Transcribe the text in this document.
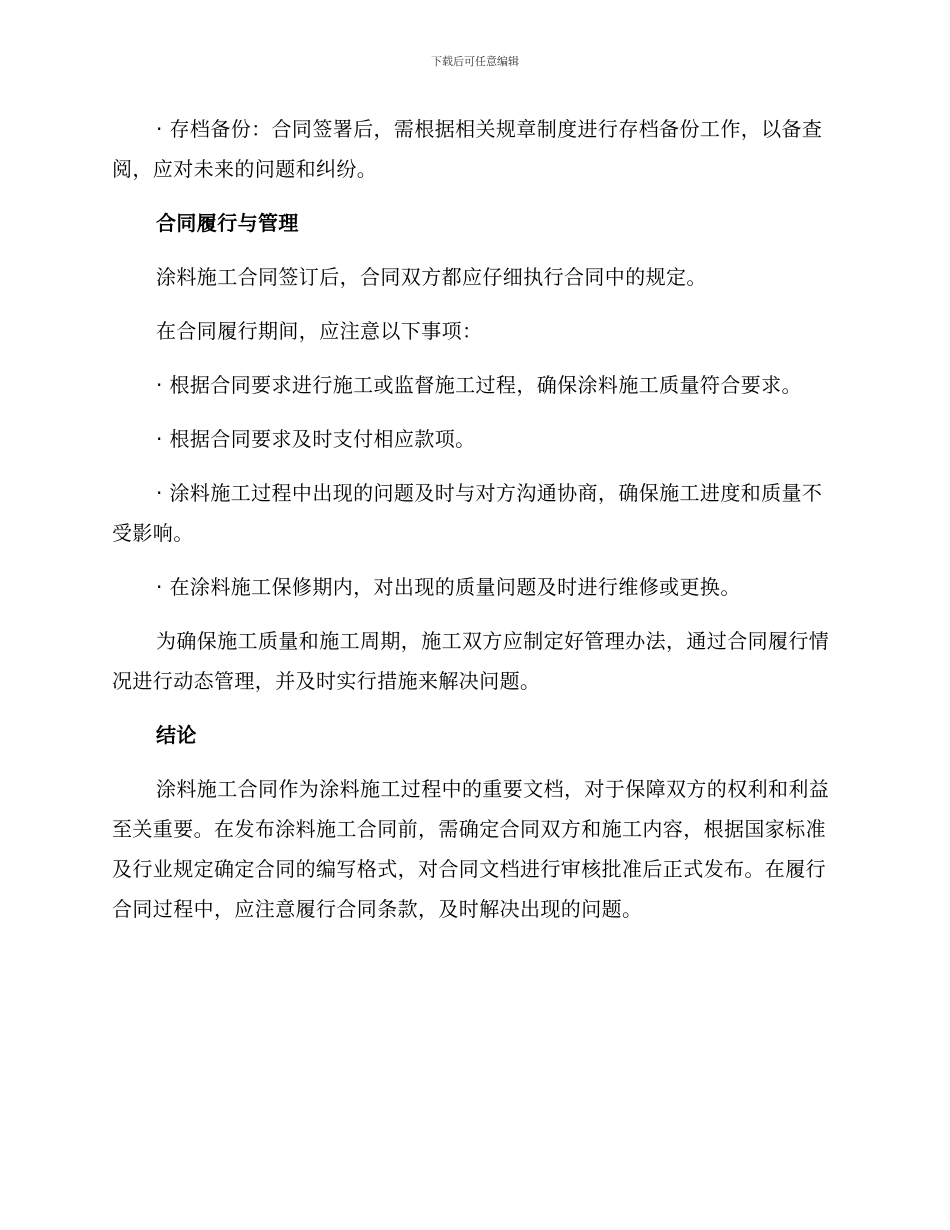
下载后可任意编辑

· 存档备份：合同签署后，需根据相关规章制度进行存档备份工作，以备查阅，应对未来的问题和纠纷。

合同履行与管理

涂料施工合同签订后，合同双方都应仔细执行合同中的规定。

在合同履行期间，应注意以下事项：

· 根据合同要求进行施工或监督施工过程，确保涂料施工质量符合要求。

· 根据合同要求及时支付相应款项。

· 涂料施工过程中出现的问题及时与对方沟通协商，确保施工进度和质量不受影响。

· 在涂料施工保修期内，对出现的质量问题及时进行维修或更换。

为确保施工质量和施工周期，施工双方应制定好管理办法，通过合同履行情况进行动态管理，并及时实行措施来解决问题。

结论

涂料施工合同作为涂料施工过程中的重要文档，对于保障双方的权利和利益至关重要。在发布涂料施工合同前，需确定合同双方和施工内容，根据国家标准及行业规定确定合同的编写格式，对合同文档进行审核批准后正式发布。在履行合同过程中，应注意履行合同条款，及时解决出现的问题。
